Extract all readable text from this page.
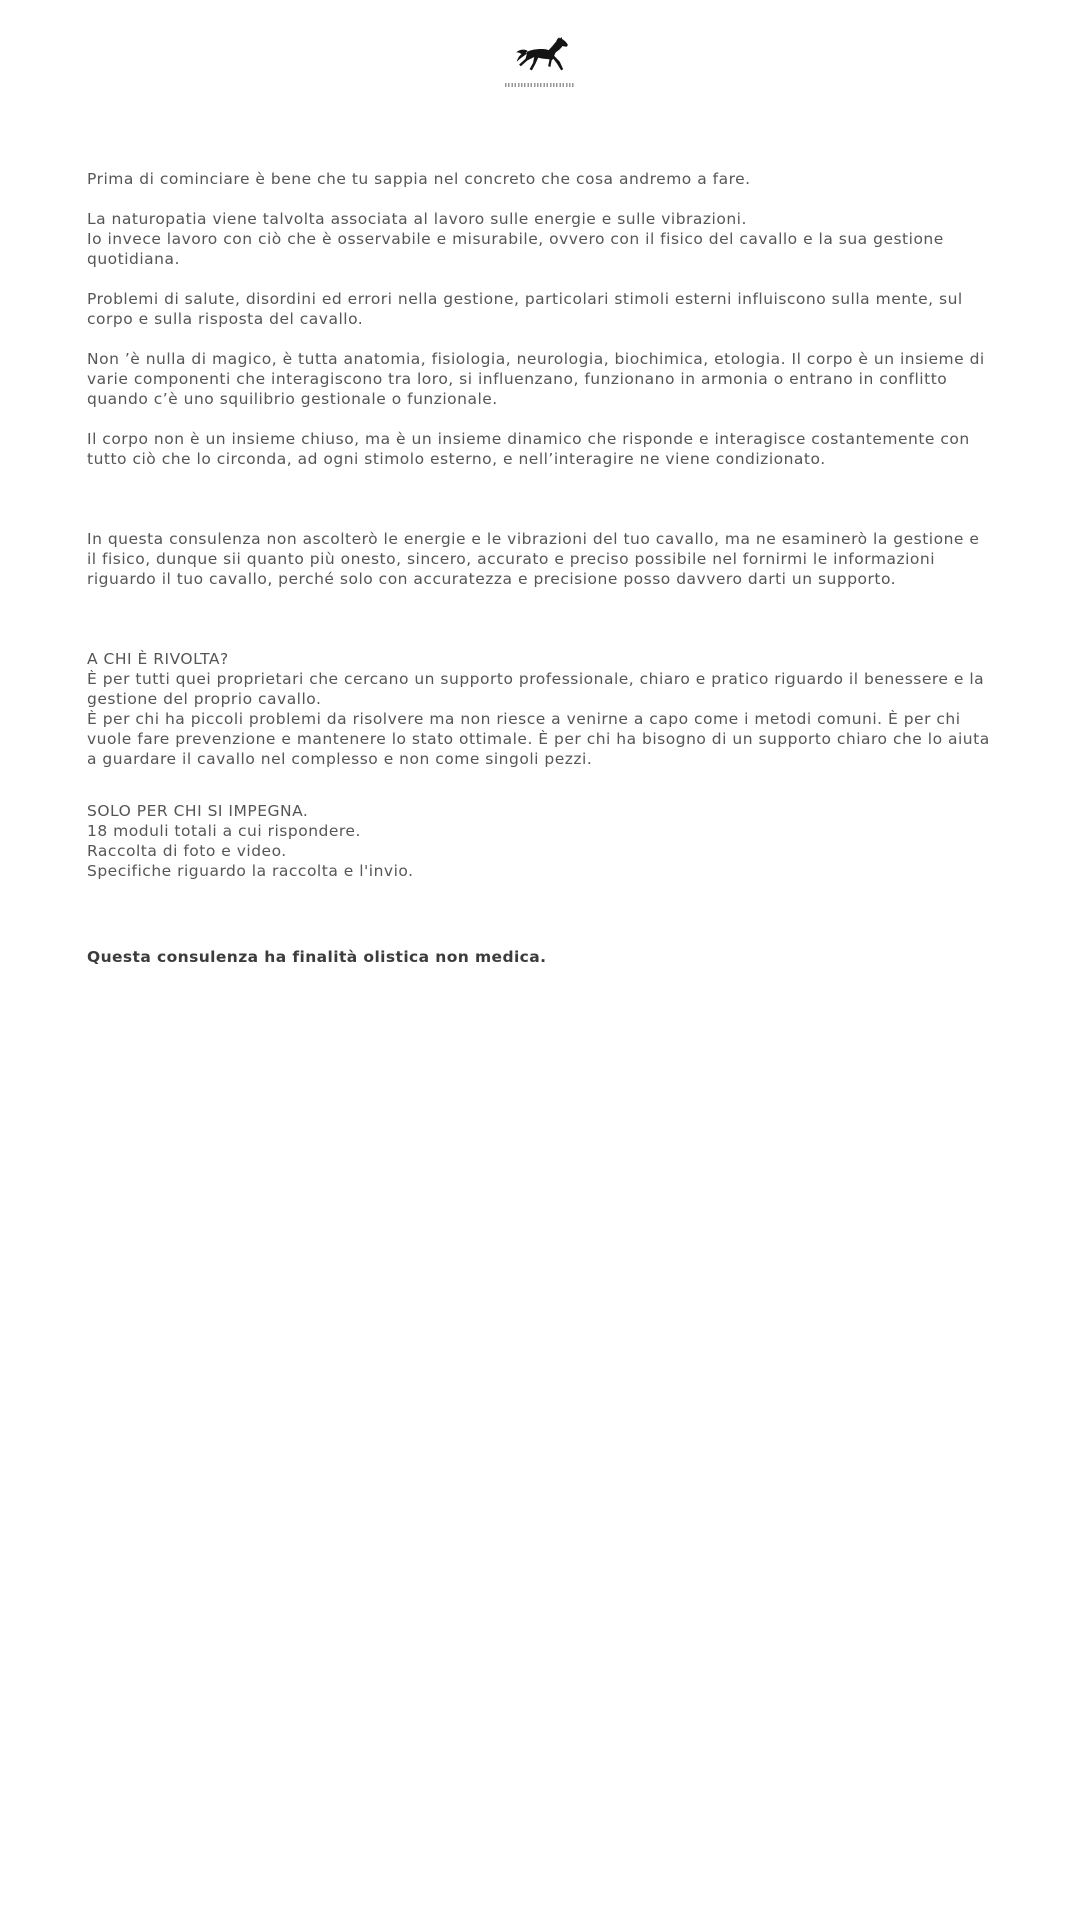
Prima di cominciare è bene che tu sappia nel concreto che cosa andremo a fare.

La naturopatia viene talvolta associata al lavoro sulle energie e sulle vibrazioni.
Io invece lavoro con ciò che è osservabile e misurabile, ovvero con il fisico del cavallo e la sua gestione quotidiana.

Problemi di salute, disordini ed errori nella gestione, particolari stimoli esterni influiscono sulla mente, sul corpo e sulla risposta del cavallo.

Non ’è nulla di magico, è tutta anatomia, fisiologia, neurologia, biochimica, etologia. Il corpo è un insieme di varie componenti che interagiscono tra loro, si influenzano, funzionano in armonia o entrano in conflitto quando c’è uno squilibrio gestionale o funzionale.

Il corpo non è un insieme chiuso, ma è un insieme dinamico che risponde e interagisce costantemente con tutto ciò che lo circonda, ad ogni stimolo esterno, e nell’interagire ne viene condizionato.

In questa consulenza non ascolterò le energie e le vibrazioni del tuo cavallo, ma ne esaminerò la gestione e il fisico, dunque sii quanto più onesto, sincero, accurato e preciso possibile nel fornirmi le informazioni riguardo il tuo cavallo, perché solo con accuratezza e precisione posso davvero darti un supporto.

A CHI È RIVOLTA?
È per tutti quei proprietari che cercano un supporto professionale, chiaro e pratico riguardo il benessere e la gestione del proprio cavallo.
È per chi ha piccoli problemi da risolvere ma non riesce a venirne a capo come i metodi comuni. È per chi vuole fare prevenzione e mantenere lo stato ottimale. È per chi ha bisogno di un supporto chiaro che lo aiuta a guardare il cavallo nel complesso e non come singoli pezzi.

SOLO PER CHI SI IMPEGNA.
18 moduli totali a cui rispondere.
Raccolta di foto e video.
Specifiche riguardo la raccolta e l'invio.

Questa consulenza ha finalità olistica non medica.
